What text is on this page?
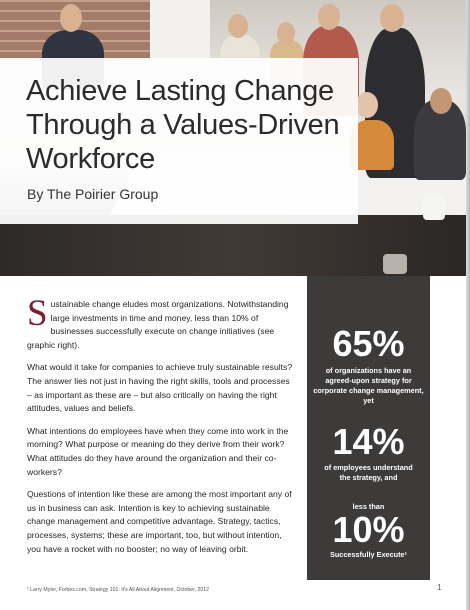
Achieve Lasting Change Through a Values-Driven Workforce
By The Poirier Group

Sustainable change eludes most organizations. Notwithstanding large investments in time and money, less than 10% of businesses successfully execute on change initiatives (see graphic right).

What would it take for companies to achieve truly sustainable results? The answer lies not just in having the right skills, tools and processes – as important as these are – but also critically on having the right attitudes, values and beliefs.

What intentions do employees have when they come into work in the morning? What purpose or meaning do they derive from their work? What attitudes do they have around the organization and their co-workers?

Questions of intention like these are among the most important any of us in business can ask. Intention is key to achieving sustainable change management and competitive advantage. Strategy, tactics, processes, systems; these are important, too, but without intention, you have a rocket with no booster; no way of leaving orbit.

65%
of organizations have an agreed-upon strategy for corporate change management, yet
14%
of employees understand the strategy, and
less than
10%
Successfully Execute¹
¹ Larry Myler, Forbes.com, Strategy 101: It's All About Alignment, October, 2012	1
